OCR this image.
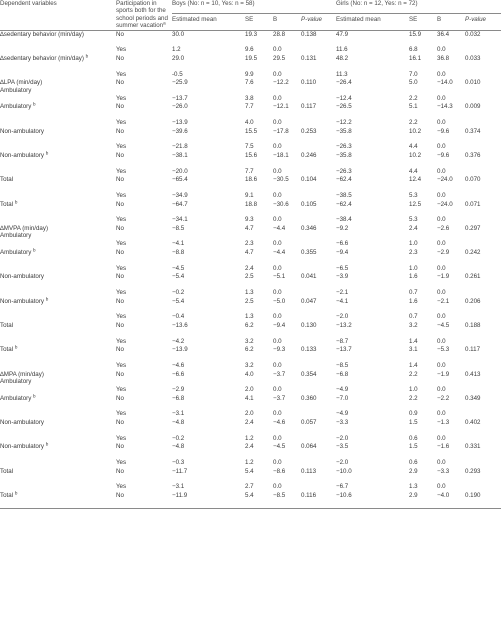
Dependent variables	Participation in sports both for the school periods and summer vacation$^a$	Boys (No: n = 10, Yes: n = 58)				Girls (No: n = 12, Yes: n = 72)			
		Estimated mean	SE	B	P-value	Estimated mean	SE	B	P-value

∆sedentary behavior (min/day)	No	30.0	19.3	28.8	0.138	47.9	15.9	36.4	0.032
	Yes	1.2	9.6	0.0		11.6	6.8	0.0	
∆sedentary behavior (min/day) $^b$	No	29.0	19.5	29.5	0.131	48.2	16.1	36.8	0.033
	Yes	-0.5	9.9	0.0		11.3	7.0	0.0	
∆LPA (min/day)
Ambulatory	No	−25.9	7.6	−12.2	0.110	−26.4	5.0	−14.0	0.010
	Yes	−13.7	3.8	0.0		−12.4	2.2	0.0	
Ambulatory $^b$	No	−26.0	7.7	−12.1	0.117	−26.5	5.1	−14.3	0.009
	Yes	−13.9	4.0	0.0		−12.2	2.2	0.0	
Non-ambulatory	No	−39.6	15.5	−17.8	0.253	−35.8	10.2	−9.6	0.374
	Yes	−21.8	7.5	0.0		−26.3	4.4	0.0	
Non-ambulatory $^b$	No	−38.1	15.6	−18.1	0.246	−35.8	10.2	−9.6	0.376
	Yes	−20.0	7.7	0.0		−26.3	4.4	0.0	
Total	No	−65.4	18.6	−30.5	0.104	−62.4	12.4	−24.0	0.070
	Yes	−34.9	9.1	0.0		−38.5	5.3	0.0	
Total $^b$	No	−64.7	18.8	−30.6	0.105	−62.4	12.5	−24.0	0.071
	Yes	−34.1	9.3	0.0		−38.4	5.3	0.0	
∆MVPA (min/day)
Ambulatory	No	−8.5	4.7	−4.4	0.346	−9.2	2.4	−2.6	0.297
	Yes	−4.1	2.3	0.0		−6.6	1.0	0.0	
Ambulatory $^b$	No	−8.8	4.7	−4.4	0.355	−9.4	2.3	−2.9	0.242
	Yes	−4.5	2.4	0.0		−6.5	1.0	0.0	
Non-ambulatory	No	−5.4	2.5	−5.1	0.041	−3.9	1.6	−1.9	0.261
	Yes	−0.2	1.3	0.0		−2.1	0.7	0.0	
Non-ambulatory $^b$	No	−5.4	2.5	−5.0	0.047	−4.1	1.6	−2.1	0.206
	Yes	−0.4	1.3	0.0		−2.0	0.7	0.0	
Total	No	−13.6	6.2	−9.4	0.130	−13.2	3.2	−4.5	0.188
	Yes	−4.2	3.2	0.0		−8.7	1.4	0.0	
Total $^b$	No	−13.9	6.2	−9.3	0.133	−13.7	3.1	−5.3	0.117
	Yes	−4.6	3.2	0.0		−8.5	1.4	0.0	
∆MPA (min/day)
Ambulatory	No	−6.6	4.0	−3.7	0.354	−6.8	2.2	−1.9	0.413
	Yes	−2.9	2.0	0.0		−4.9	1.0	0.0	
Ambulatory $^b$	No	−6.8	4.1	−3.7	0.360	−7.0	2.2	−2.2	0.349
	Yes	−3.1	2.0	0.0		−4.9	0.9	0.0	
Non-ambulatory	No	−4.8	2.4	−4.6	0.057	−3.3	1.5	−1.3	0.402
	Yes	−0.2	1.2	0.0		−2.0	0.6	0.0	
Non-ambulatory $^b$	No	−4.8	2.4	−4.5	0.064	−3.5	1.5	−1.6	0.331
	Yes	−0.3	1.2	0.0		−2.0	0.6	0.0	
Total	No	−11.7	5.4	−8.6	0.113	−10.0	2.9	−3.3	0.293
	Yes	−3.1	2.7	0.0		−6.7	1.3	0.0	
Total $^b$	No	−11.9	5.4	−8.5	0.116	−10.6	2.9	−4.0	0.190
